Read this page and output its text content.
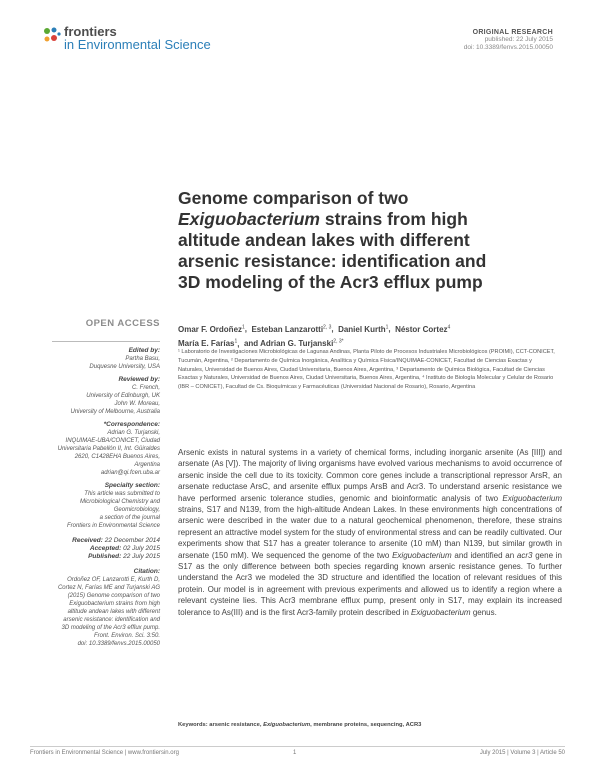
frontiers
in Environmental Science
ORIGINAL RESEARCH
published: 22 July 2015
doi: 10.3389/fenvs.2015.00050
Genome comparison of two
Exiguobacterium strains from high
altitude andean lakes with different
arsenic resistance: identification and
3D modeling of the Acr3 efflux pump
OPEN ACCESS
Edited by:
Partha Basu,
Duquesne University, USA
Reviewed by:
C. French,
University of Edinburgh, UK
John W. Moreau,
University of Melbourne, Australia
*Correspondence:
Adrian G. Turjanski,
INQUIMAE-UBA/CONICET, Ciudad
Universitaria Pabellón II, Int. Güiraldes
2620, C1428EHA Buenos Aires,
Argentina
adrian@qi.fcen.uba.ar
Specialty section:
This article was submitted to
Microbiological Chemistry and
Geomicrobiology,
a section of the journal
Frontiers in Environmental Science
Received: 22 December 2014
Accepted: 02 July 2015
Published: 22 July 2015
Citation:
Ordoñez OF, Lanzarotti E, Kurth D,
Cortez N, Farías ME and Turjanski AG
(2015) Genome comparison of two
Exiguobacterium strains from high
altitude andean lakes with different
arsenic resistance: identification and
3D modeling of the Acr3 efflux pump.
Front. Environ. Sci. 3:50.
doi: 10.3389/fenvs.2015.00050
Omar F. Ordoñez$^1$,  Esteban Lanzarotti$^{2, 3}$,  Daniel Kurth$^1$,  Néstor Cortez$^4$
María E. Farías$^1$,  and Adrian G. Turjanski$^{2, 3*}$
¹ Laboratorio de Investigaciones Microbiológicas de Lagunas Andinas, Planta Piloto de Procesos Industriales Microbiológicos (PROIMI), CCT-CONICET, Tucumán, Argentina, ² Departamento de Química Inorgánica, Analítica y Química Física/INQUIMAE-CONICET, Facultad de Ciencias Exactas y Naturales, Universidad de Buenos Aires, Ciudad Universitaria, Buenos Aires, Argentina, ³ Departamento de Química Biológica, Facultad de Ciencias Exactas y Naturales, Universidad de Buenos Aires, Ciudad Universitaria, Buenos Aires, Argentina, ⁴ Instituto de Biología Molecular y Celular de Rosario (IBR – CONICET), Facultad de Cs. Bioquímicas y Farmacéuticas (Universidad Nacional de Rosario), Rosario, Argentina
Arsenic exists in natural systems in a variety of chemical forms, including inorganic arsenite (As [III]) and arsenate (As [V]). The majority of living organisms have evolved various mechanisms to avoid occurrence of arsenic inside the cell due to its toxicity. Common core genes include a transcriptional repressor ArsR, an arsenate reductase ArsC, and arsenite efflux pumps ArsB and Acr3. To understand arsenic resistance we have performed arsenic tolerance studies, genomic and bioinformatic analysis of two Exiguobacterium strains, S17 and N139, from the high-altitude Andean Lakes. In these environments high concentrations of arsenic were described in the water due to a natural geochemical phenomenon, therefore, these strains represent an attractive model system for the study of environmental stress and can be readily cultivated. Our experiments show that S17 has a greater tolerance to arsenite (10 mM) than N139, but similar growth in arsenate (150 mM). We sequenced the genome of the two Exiguobacterium and identified an acr3 gene in S17 as the only difference between both species regarding known arsenic resistance genes. To further understand the Acr3 we modeled the 3D structure and identified the location of relevant residues of this protein. Our model is in agreement with previous experiments and allowed us to identify a region where a relevant cysteine lies. This Acr3 membrane efflux pump, present only in S17, may explain its increased tolerance to As(III) and is the first Acr3-family protein described in Exiguobacterium genus.
Keywords: arsenic resistance, Exiguobacterium, membrane proteins, sequencing, ACR3
Frontiers in Environmental Science | www.frontiersin.org	1	July 2015 | Volume 3 | Article 50
